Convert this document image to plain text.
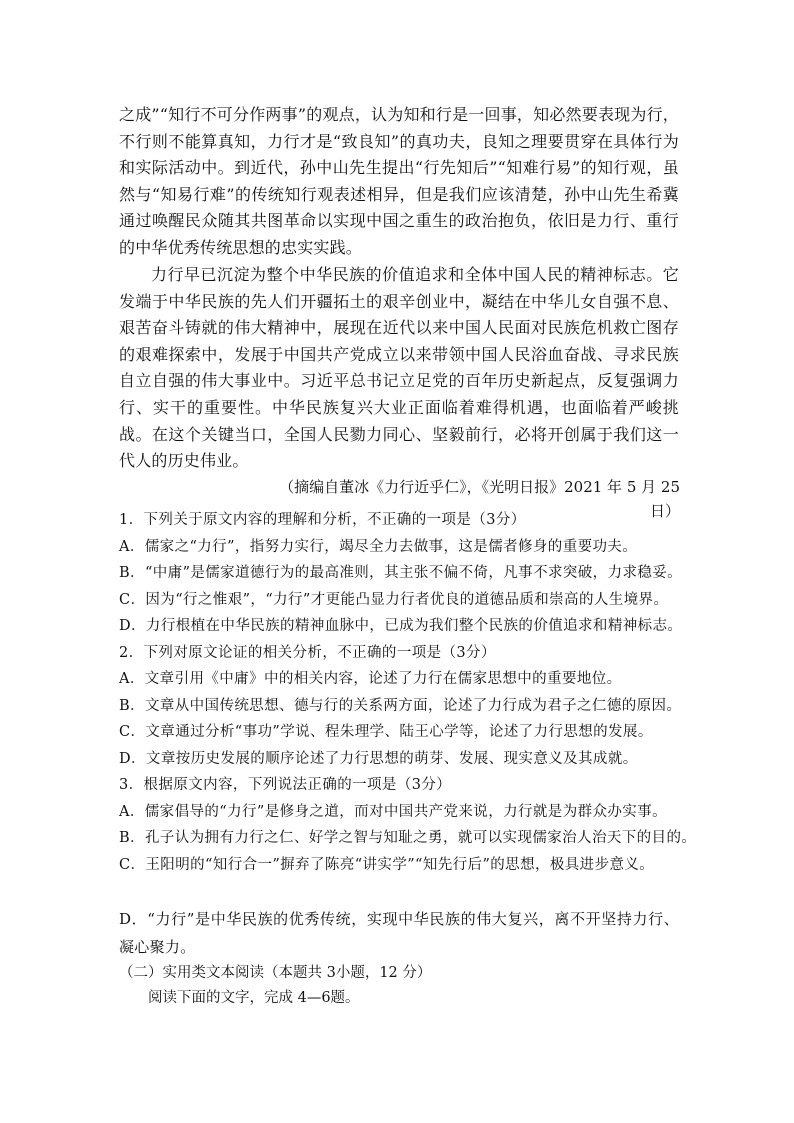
之成”“知行不可分作两事”的观点，认为知和行是一回事，知必然要表现为行，不行则不能算真知，力行才是“致良知”的真功夫，良知之理要贯穿在具体行为和实际活动中。到近代，孙中山先生提出“行先知后”“知难行易”的知行观，虽然与“知易行难”的传统知行观表述相异，但是我们应该清楚，孙中山先生希冀通过唤醒民众随其共图革命以实现中国之重生的政治抱负，依旧是力行、重行的中华优秀传统思想的忠实实践。

力行早已沉淀为整个中华民族的价值追求和全体中国人民的精神标志。它发端于中华民族的先人们开疆拓土的艰辛创业中，凝结在中华儿女自强不息、艰苦奋斗铸就的伟大精神中，展现在近代以来中国人民面对民族危机救亡图存的艰难探索中，发展于中国共产党成立以来带领中国人民浴血奋战、寻求民族自立自强的伟大事业中。习近平总书记立足党的百年历史新起点，反复强调力行、实干的重要性。中华民族复兴大业正面临着难得机遇，也面临着严峻挑战。在这个关键当口，全国人民勠力同心、坚毅前行，必将开创属于我们这一代人的历史伟业。

（摘编自董冰《力行近乎仁》，《光明日报》2021 年 5 月 25 日）

1．下列关于原文内容的理解和分析，不正确的一项是（3分）

A．儒家之“力行”，指努力实行，竭尽全力去做事，这是儒者修身的重要功夫。

B．“中庸”是儒家道德行为的最高准则，其主张不偏不倚，凡事不求突破，力求稳妥。

C．因为“行之惟艰”，“力行”才更能凸显力行者优良的道德品质和崇高的人生境界。

D．力行根植在中华民族的精神血脉中，已成为我们整个民族的价值追求和精神标志。

2．下列对原文论证的相关分析，不正确的一项是（3分）

A．文章引用《中庸》中的相关内容，论述了力行在儒家思想中的重要地位。

B．文章从中国传统思想、德与行的关系两方面，论述了力行成为君子之仁德的原因。

C．文章通过分析“事功”学说、程朱理学、陆王心学等，论述了力行思想的发展。

D．文章按历史发展的顺序论述了力行思想的萌芽、发展、现实意义及其成就。

3．根据原文内容，下列说法正确的一项是（3分）

A．儒家倡导的“力行”是修身之道，而对中国共产党来说，力行就是为群众办实事。

B．孔子认为拥有力行之仁、好学之智与知耻之勇，就可以实现儒家治人治天下的目的。

C．王阳明的“知行合一”摒弃了陈亮“讲实学”“知先行后”的思想，极具进步意义。

D．“力行”是中华民族的优秀传统，实现中华民族的伟大复兴，离不开坚持力行、凝心聚力。

（二）实用类文本阅读（本题共 3小题，12 分）

阅读下面的文字，完成 4—6题。
